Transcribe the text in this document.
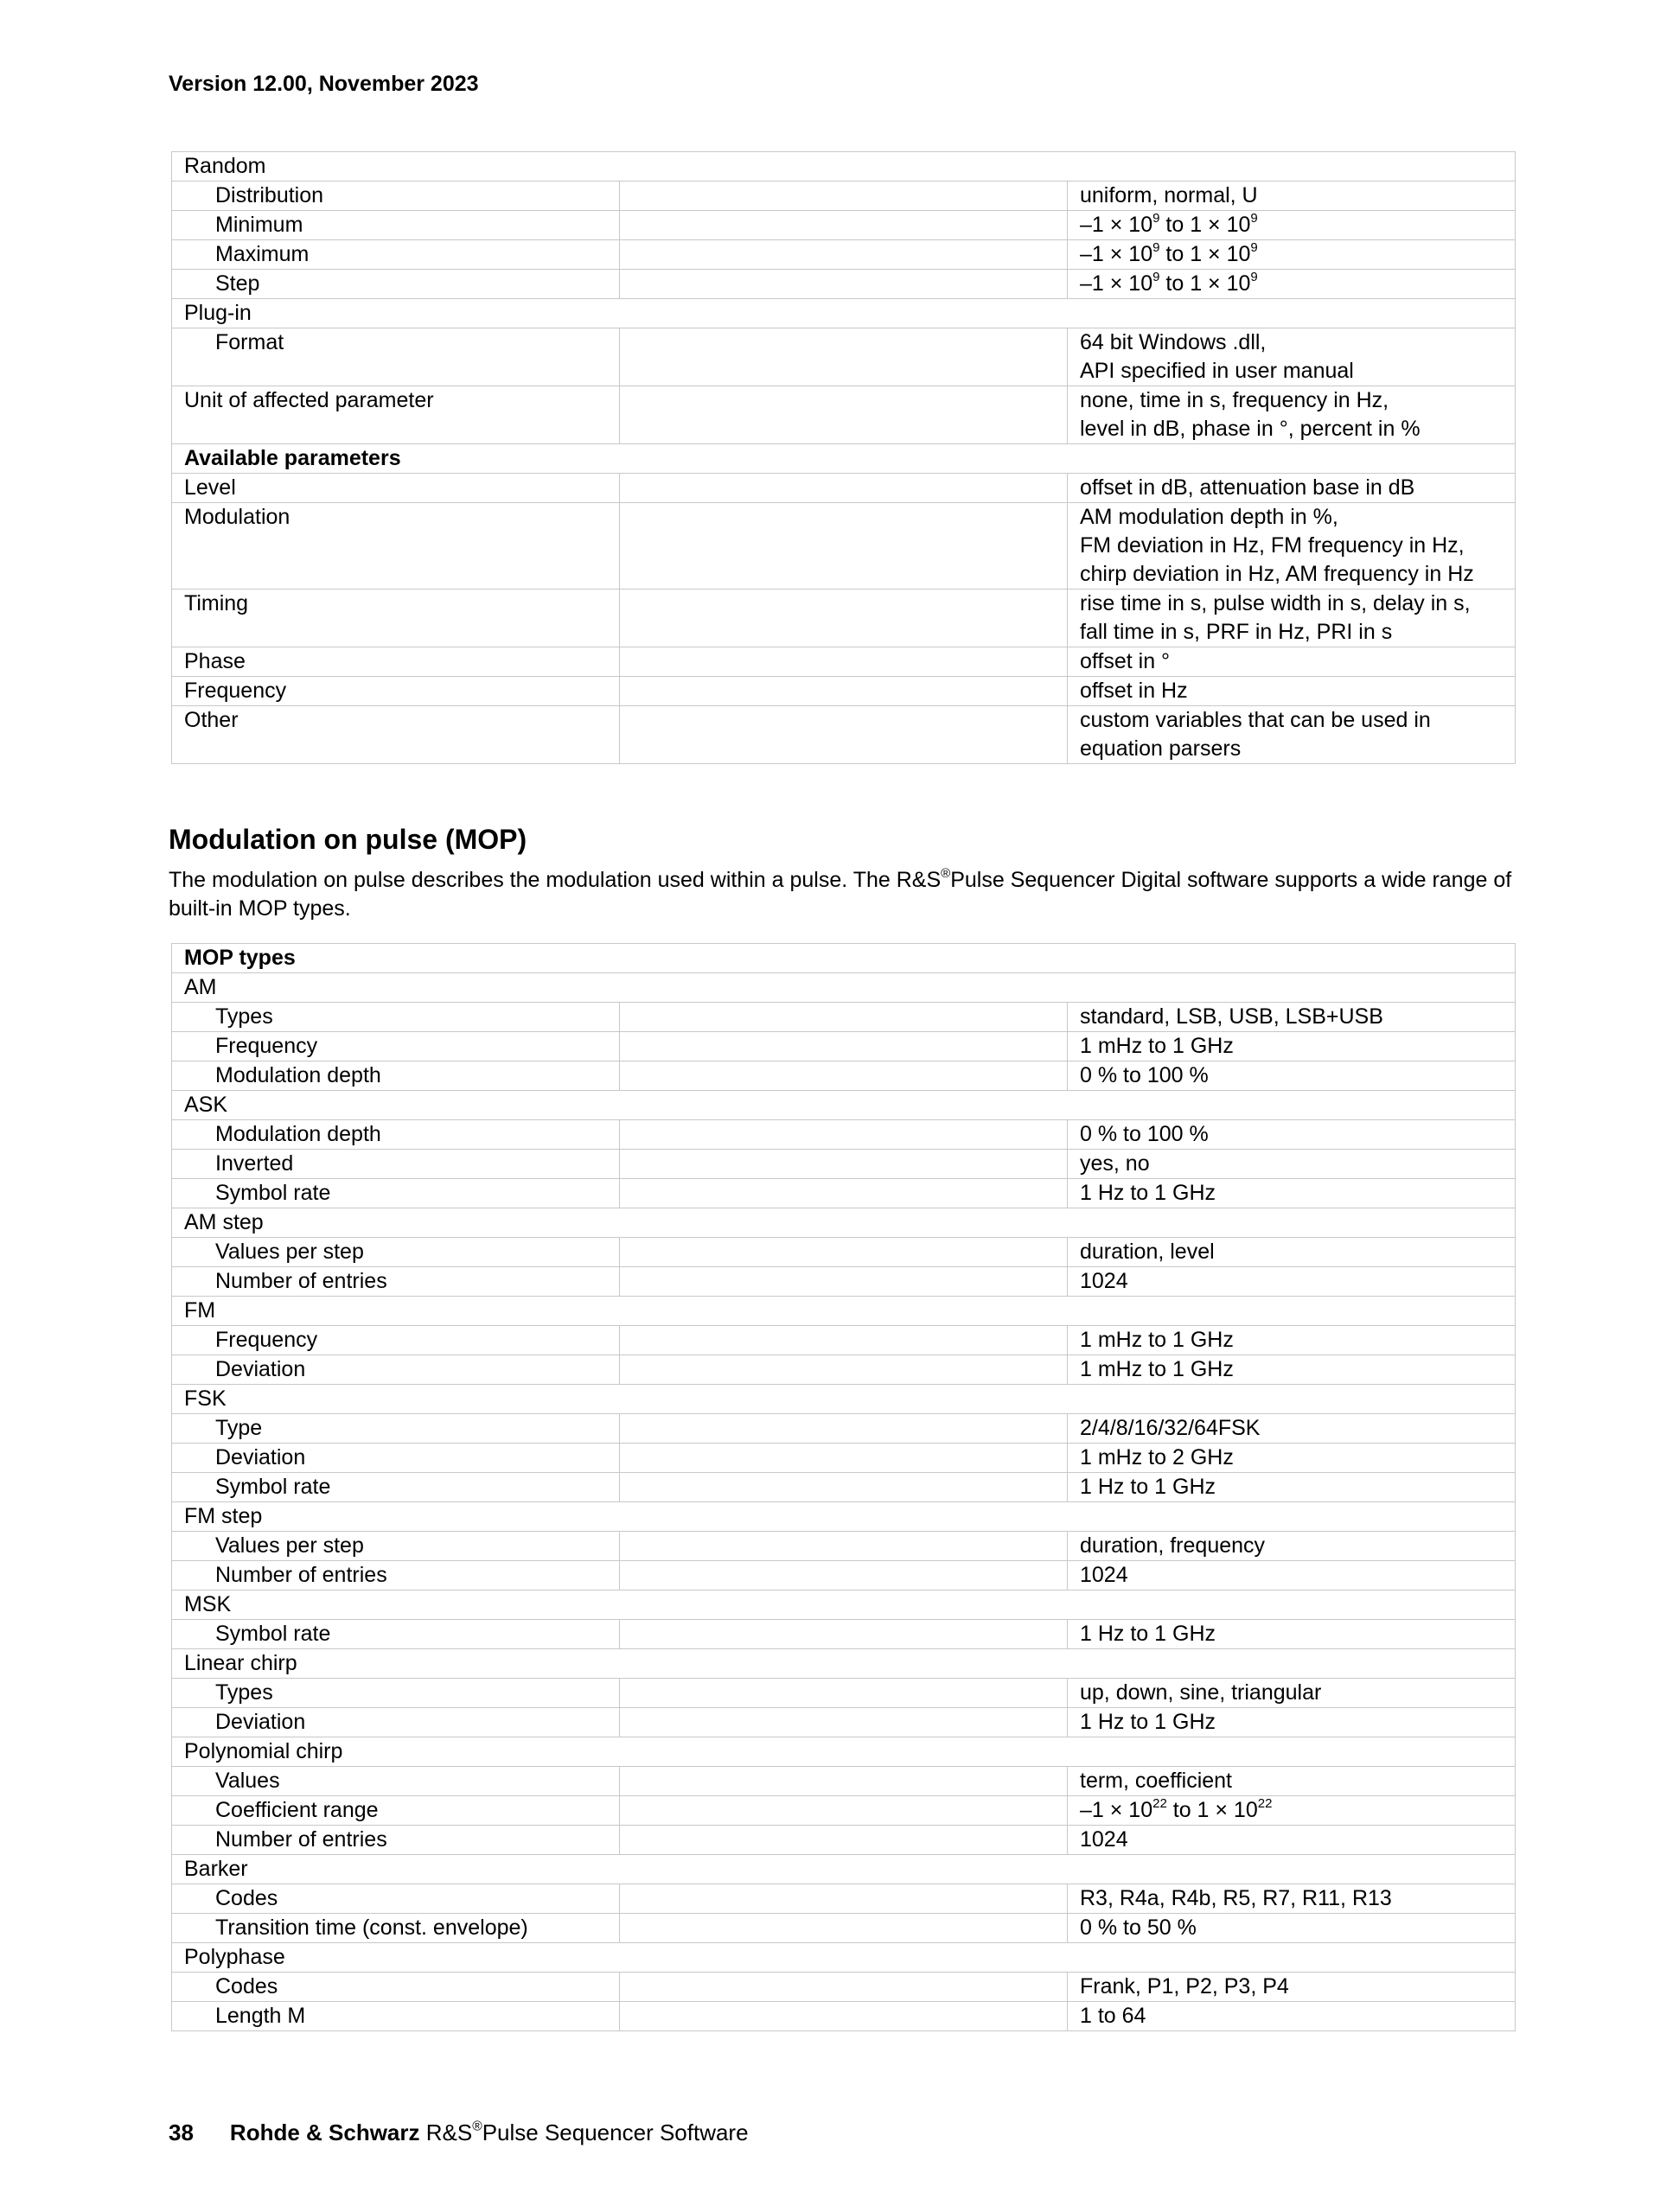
Version 12.00, November 2023
Random		
Distribution		uniform, normal, U
Minimum		$-1 \times 10^9$ to $1 \times 10^9$
Maximum		$-1 \times 10^9$ to $1 \times 10^9$
Step		$-1 \times 10^9$ to $1 \times 10^9$
Plug-in		
Format		64 bit Windows .dll,
API specified in user manual
Unit of affected parameter		none, time in s, frequency in Hz,
level in dB, phase in °, percent in %
Available parameters		
Level		offset in dB, attenuation base in dB
Modulation		AM modulation depth in %,
FM deviation in Hz, FM frequency in Hz,
chirp deviation in Hz, AM frequency in Hz
Timing		rise time in s, pulse width in s, delay in s,
fall time in s, PRF in Hz, PRI in s
Phase		offset in °
Frequency		offset in Hz
Other		custom variables that can be used in
equation parsers
Modulation on pulse (MOP)
The modulation on pulse describes the modulation used within a pulse. The R&S®Pulse Sequencer Digital software supports a wide range of built-in MOP types.
MOP types		
AM		
Types		standard, LSB, USB, LSB+USB
Frequency		1 mHz to 1 GHz
Modulation depth		0 % to 100 %
ASK		
Modulation depth		0 % to 100 %
Inverted		yes, no
Symbol rate		1 Hz to 1 GHz
AM step		
Values per step		duration, level
Number of entries		1024
FM		
Frequency		1 mHz to 1 GHz
Deviation		1 mHz to 1 GHz
FSK		
Type		2/4/8/16/32/64FSK
Deviation		1 mHz to 2 GHz
Symbol rate		1 Hz to 1 GHz
FM step		
Values per step		duration, frequency
Number of entries		1024
MSK		
Symbol rate		1 Hz to 1 GHz
Linear chirp		
Types		up, down, sine, triangular
Deviation		1 Hz to 1 GHz
Polynomial chirp		
Values		term, coefficient
Coefficient range		$-1 \times 10^{22}$ to $1 \times 10^{22}$
Number of entries		1024
Barker		
Codes		R3, R4a, R4b, R5, R7, R11, R13
Transition time (const. envelope)		0 % to 50 %
Polyphase		
Codes		Frank, P1, P2, P3, P4
Length M		1 to 64
38 Rohde & Schwarz R&S®Pulse Sequencer Software
